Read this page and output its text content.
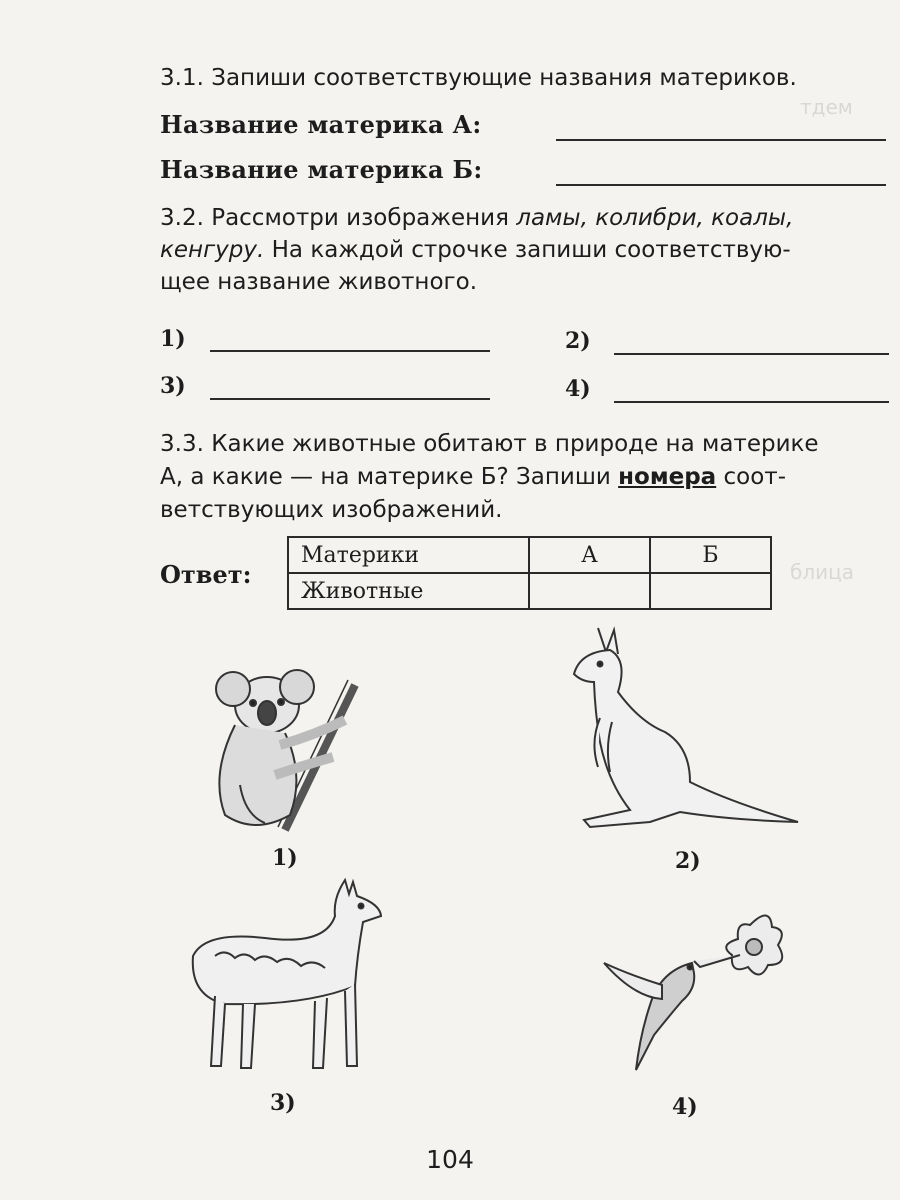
тдем
блица
3.1. Запиши соответствующие названия материков.
Название материка А:
Название материка Б:
3.2. Рассмотри изображения ламы, колибри, коалы,
кенгуру. На каждой строчке запиши соответствую-
щее название животного.
1)	2)
3)	4)
3.3. Какие животные обитают в природе на материке
А, а какие — на материке Б? Запиши номера соот-
ветствующих изображений.
Ответ:
Материки	А	Б
Животные		
1)	2)
3)	4)
104
